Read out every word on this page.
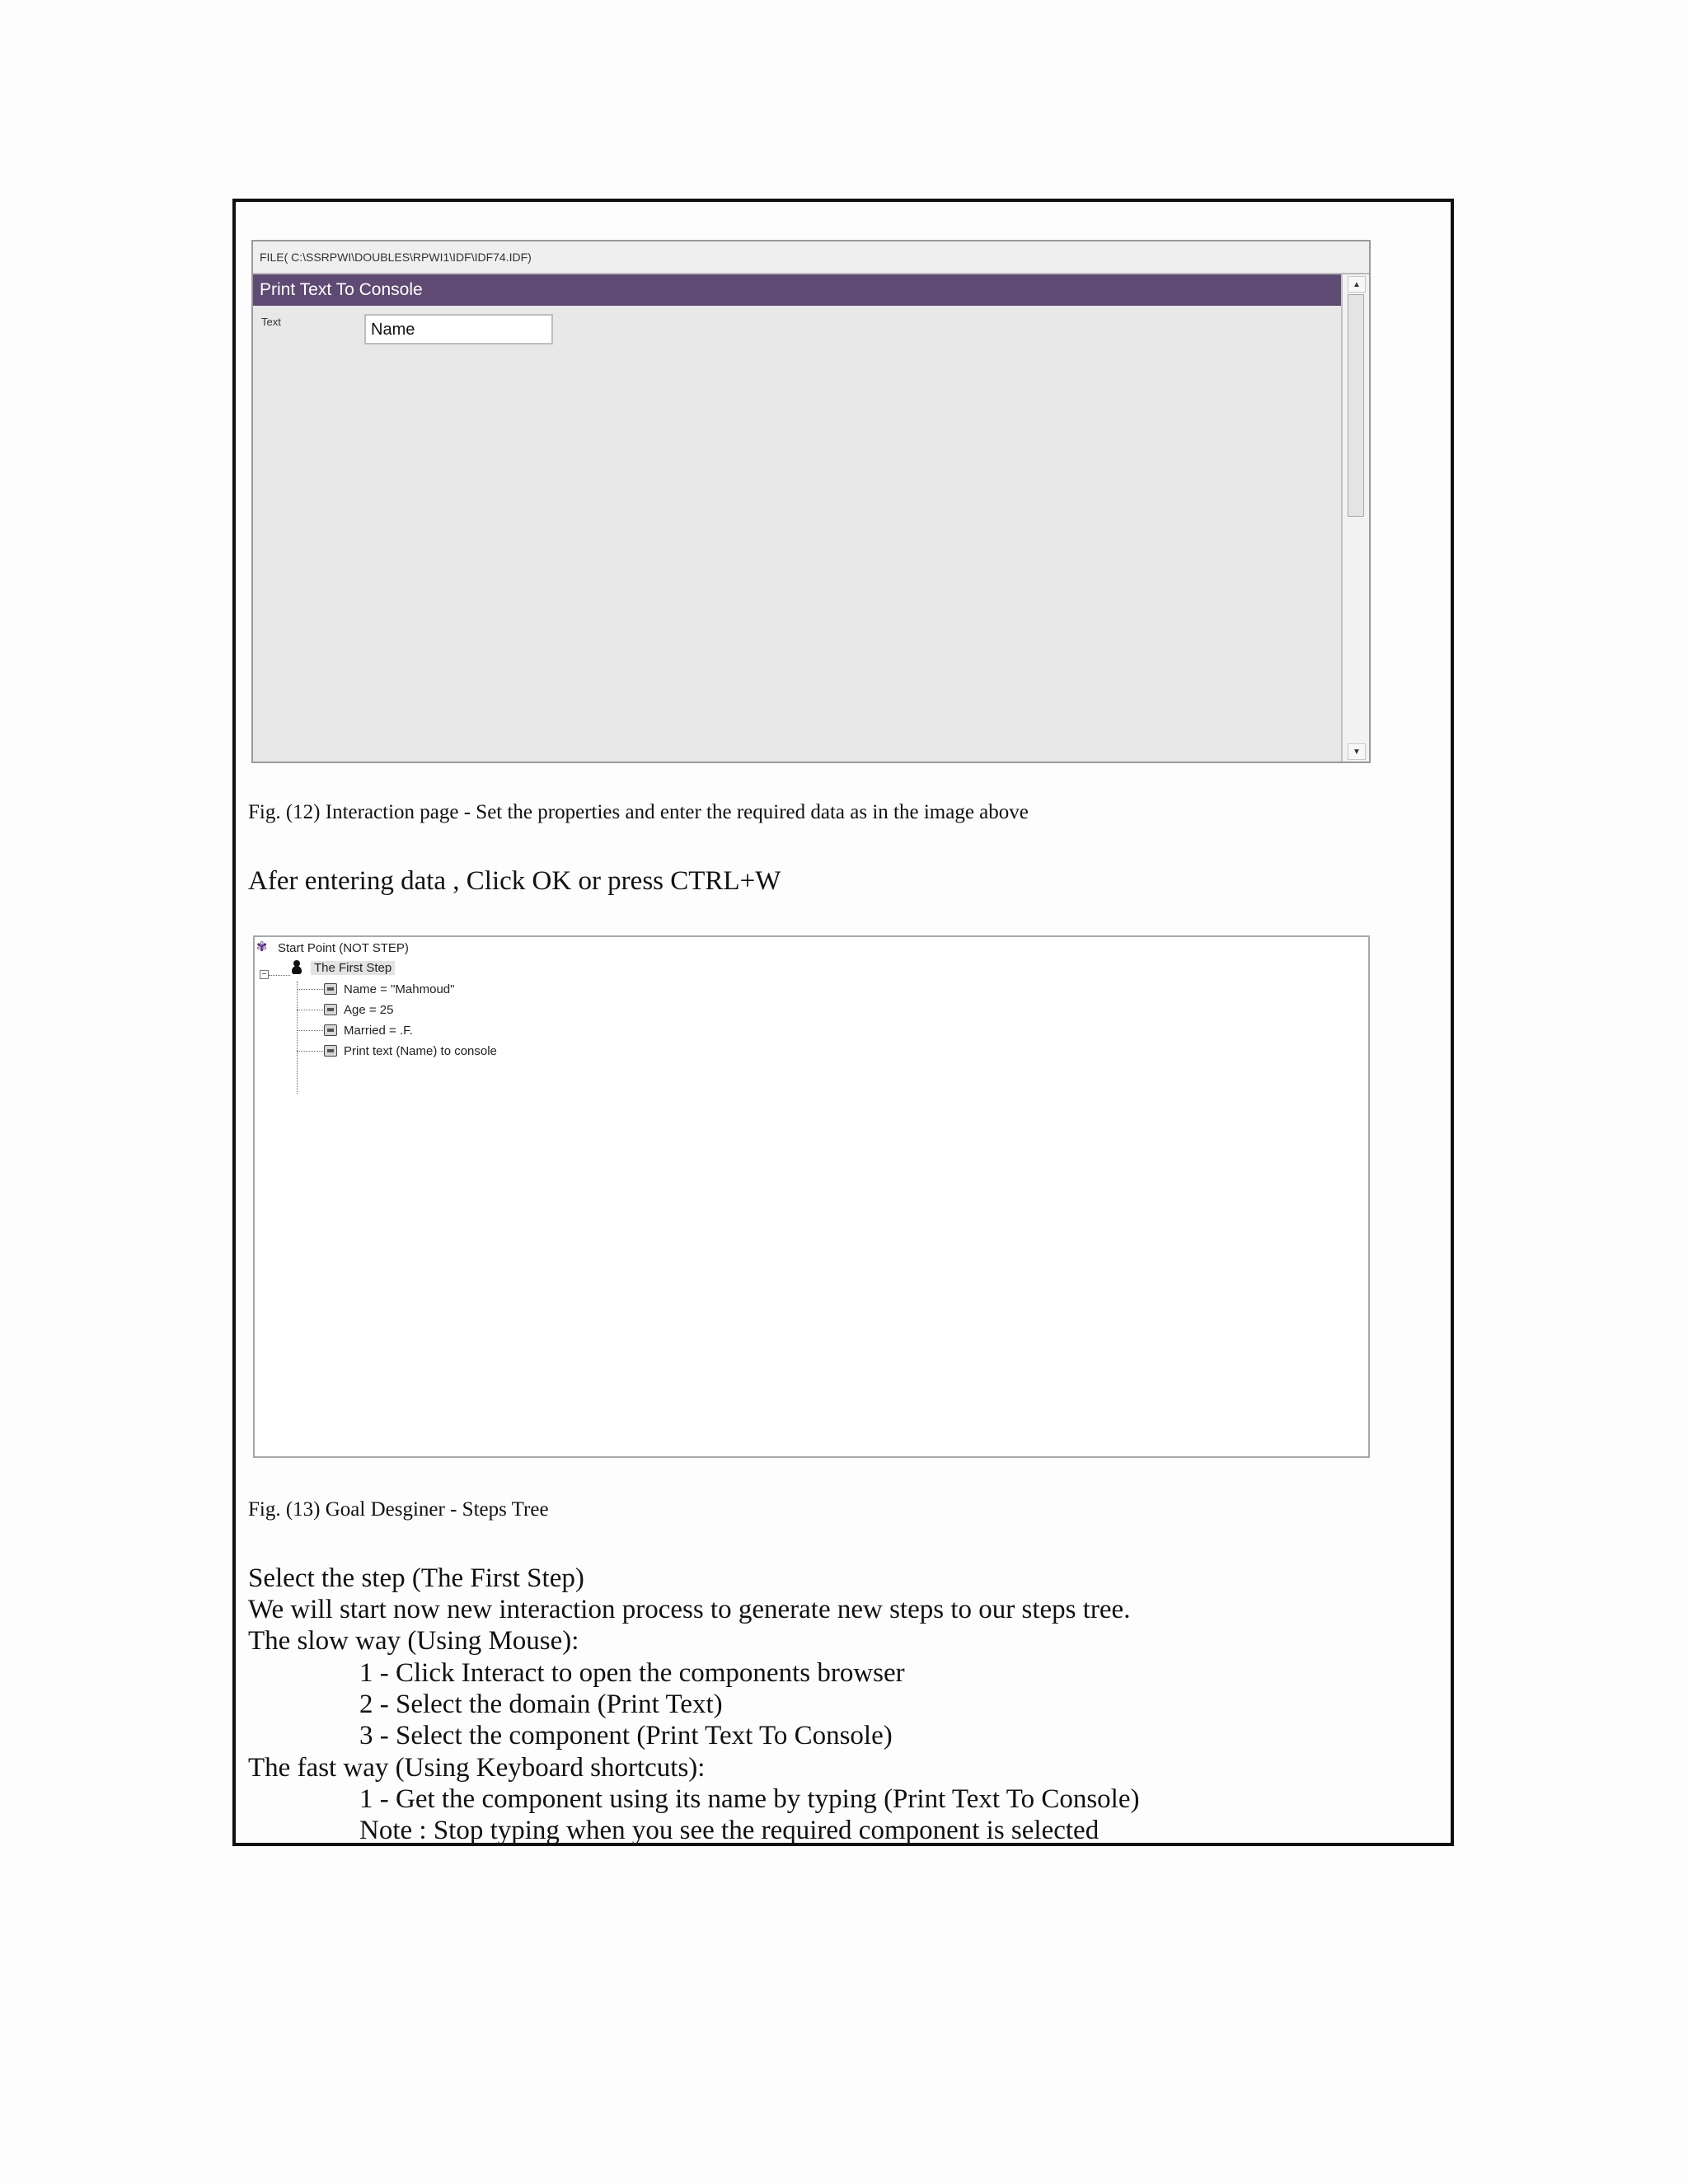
FILE( C:\SSRPWI\DOUBLES\RPWI1\IDF\IDF74.IDF)
Print Text To Console
Text	Name
▲
▼
Fig. (12) Interaction page - Set the properties and enter the required data as in the image above
Afer entering data , Click OK or press CTRL+W
−
✾ Start Point (NOT STEP)
The First Step
Name = "Mahmoud"
Age = 25
Married = .F.
Print text (Name) to console
Fig. (13) Goal Desginer - Steps Tree
Select the step (The First Step)
We will start now new interaction process to generate new steps to our steps tree.
The slow way (Using Mouse):
1 - Click Interact to open the components browser
2 - Select the domain (Print Text)
3 - Select the component (Print Text To Console)
The fast way (Using Keyboard shortcuts):
1 - Get the component using its name by typing (Print Text To Console)
Note : Stop typing when you see the required component is selected
